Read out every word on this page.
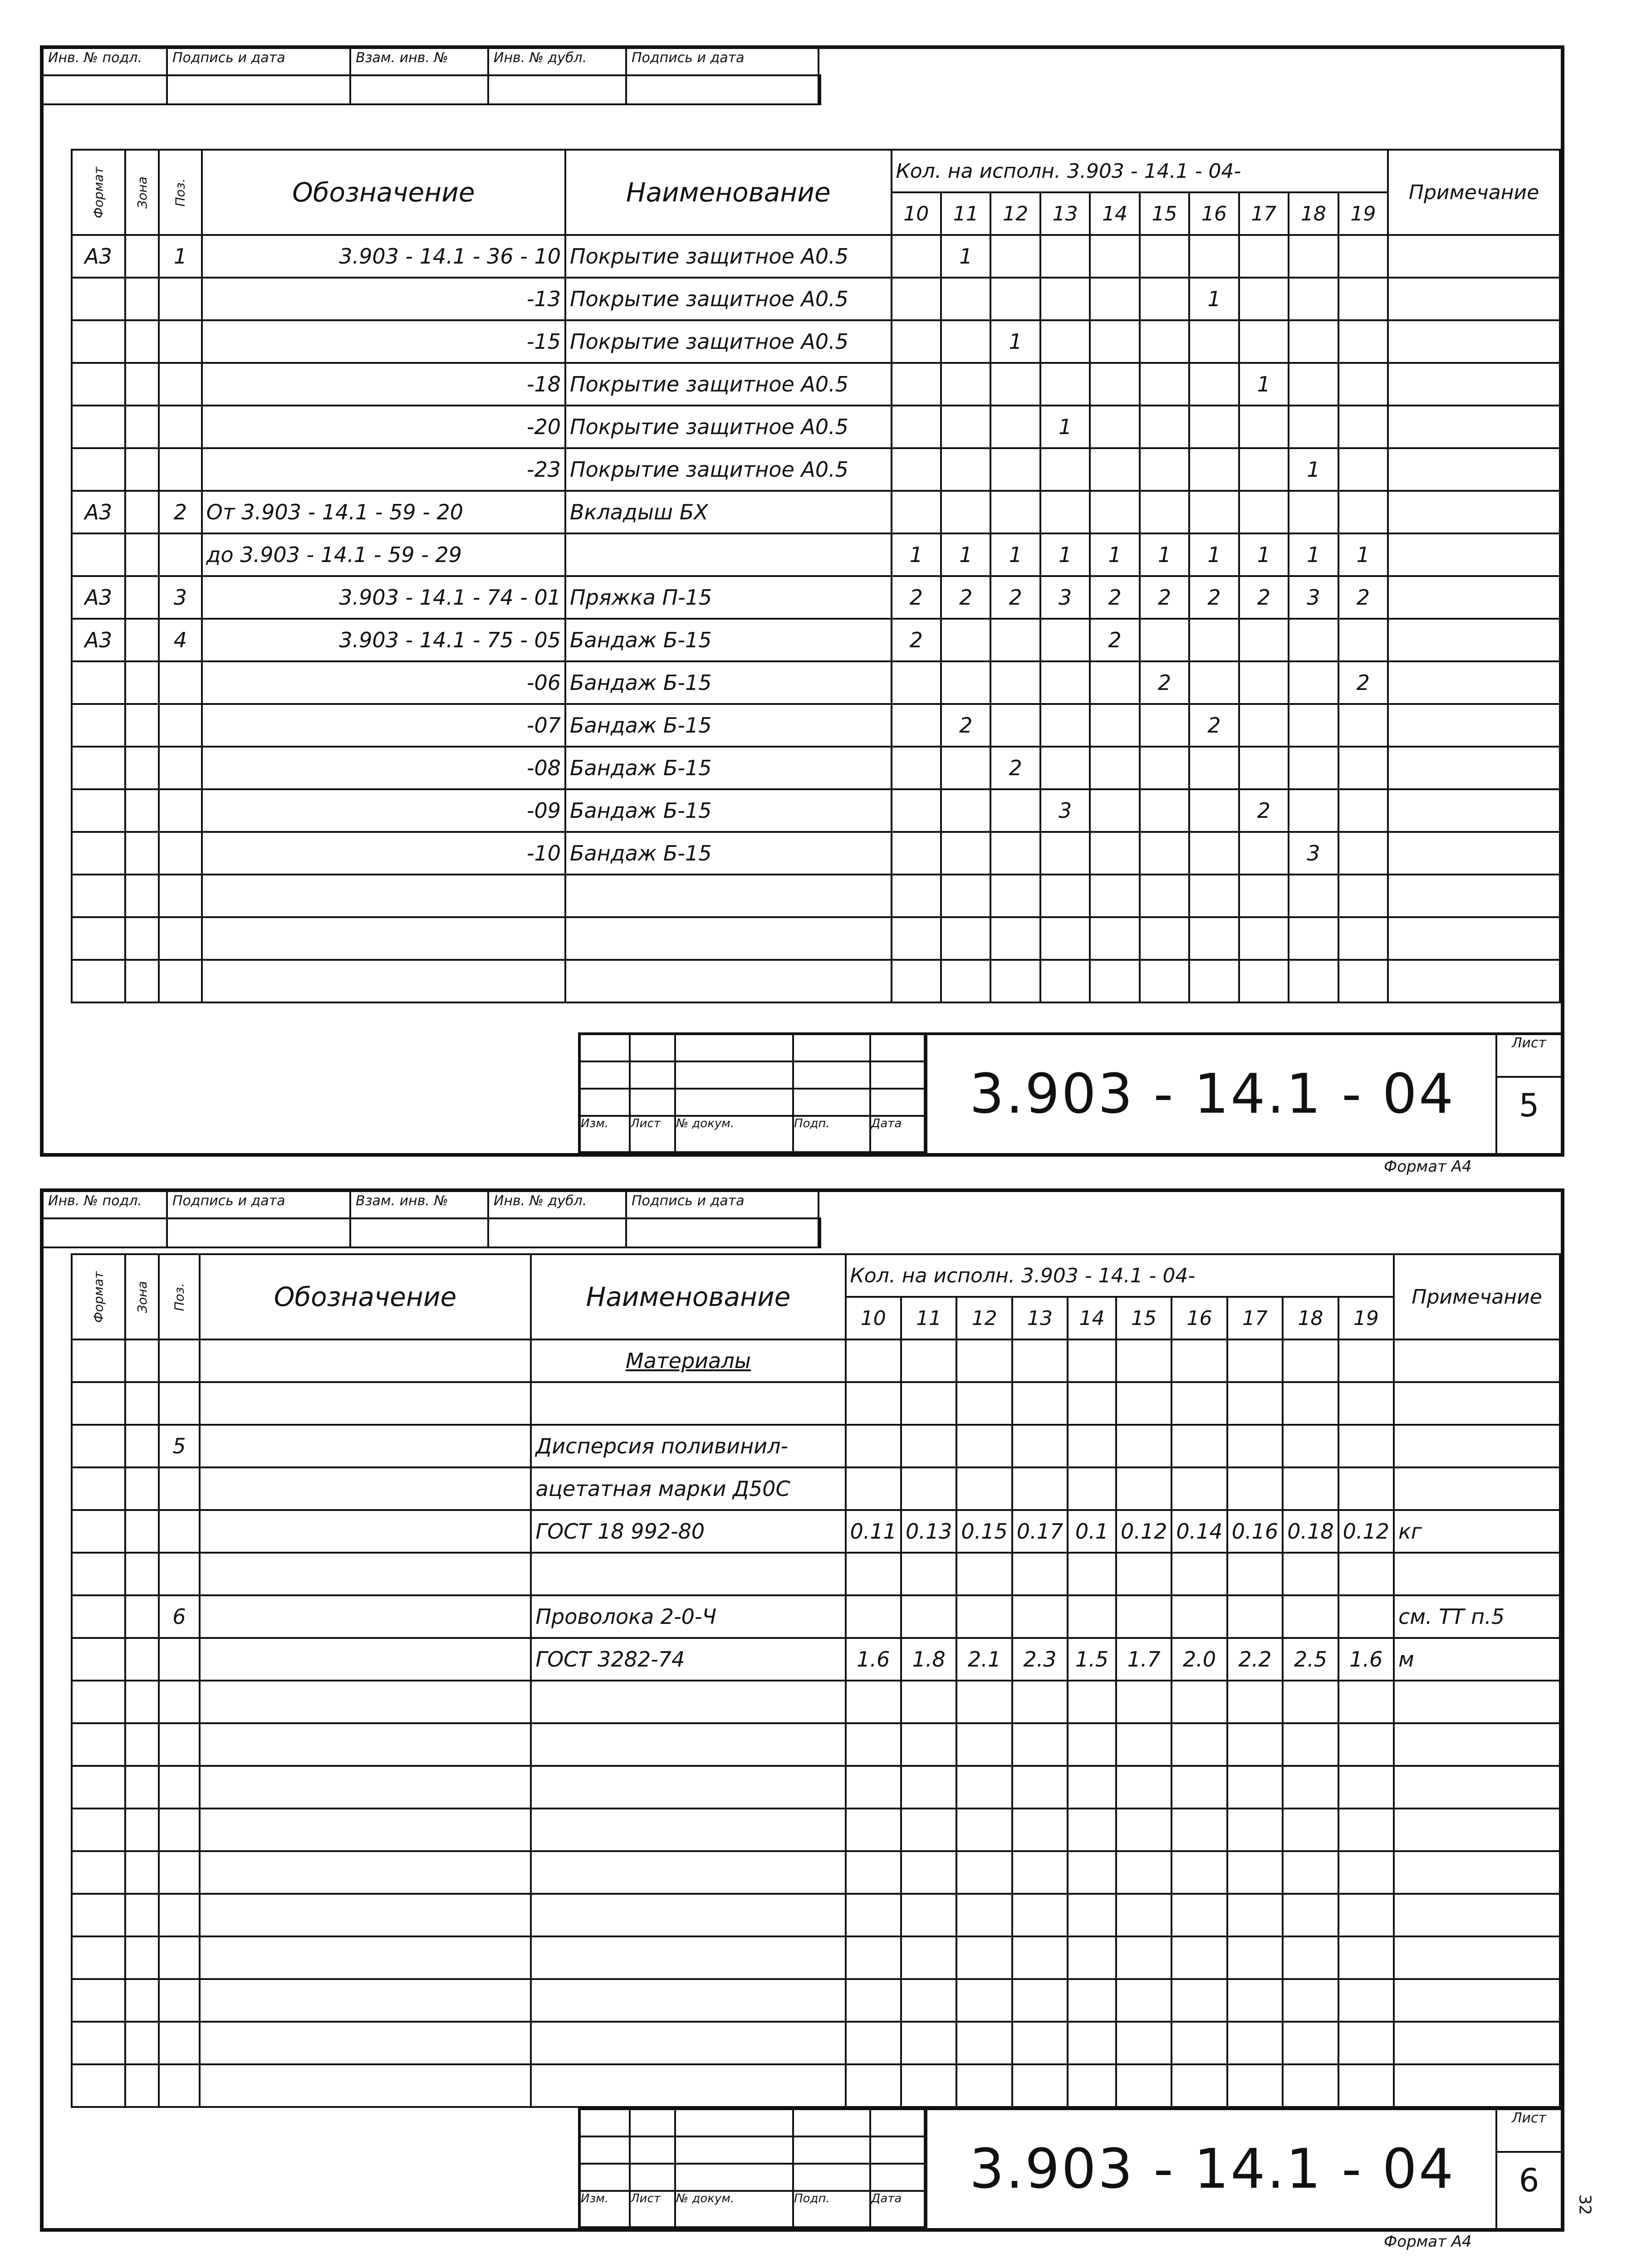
Инв. № подл.	Подпись и дата	Взам. инв. №	Инв. № дубл.	Подпись и дата
Формат	Зона	Поз.	Обозначение	Наименование	Кол. на исполн. 3.903 - 14.1 - 04-										Примечание
					10	11	12	13	14	15	16	17	18	19	
А3		1	3.903 - 14.1 - 36 - 10	Покрытие защитное А0.5		1									
			-13	Покрытие защитное А0.5							1				
			-15	Покрытие защитное А0.5			1								
			-18	Покрытие защитное А0.5								1			
			-20	Покрытие защитное А0.5				1							
			-23	Покрытие защитное А0.5									1		
А3		2	От 3.903 - 14.1 - 59 - 20	Вкладыш БХ											
			до 3.903 - 14.1 - 59 - 29		1	1	1	1	1	1	1	1	1	1	
А3		3	3.903 - 14.1 - 74 - 01	Пряжка П-15	2	2	2	3	2	2	2	2	3	2	
А3		4	3.903 - 14.1 - 75 - 05	Бандаж Б-15	2				2						
			-06	Бандаж Б-15						2				2	
			-07	Бандаж Б-15		2					2				
			-08	Бандаж Б-15			2								
			-09	Бандаж Б-15				3				2			
			-10	Бандаж Б-15									3		

Изм.	Лист	№ докум.	Подп.	Дата	3.903 - 14.1 - 04
Лист
5
Формат А4
Инв. № подл.	Подпись и дата	Взам. инв. №	Инв. № дубл.	Подпись и дата
Формат	Зона	Поз.	Обозначение	Наименование	Кол. на исполн. 3.903 - 14.1 - 04-										Примечание
					10	11	12	13	14	15	16	17	18	19	
				Материалы											

		5		Дисперсия поливинил-											
				ацетатная марки Д50С											
				ГОСТ 18 992-80	0.11	0.13	0.15	0.17	0.1	0.12	0.14	0.16	0.18	0.12	кг

		6		Проволока 2-0-Ч											см. ТТ п.5
				ГОСТ 3282-74	1.6	1.8	2.1	2.3	1.5	1.7	2.0	2.2	2.5	1.6	м

Изм.	Лист	№ докум.	Подп.	Дата	3.903 - 14.1 - 04
Лист
6
Формат А4
32
